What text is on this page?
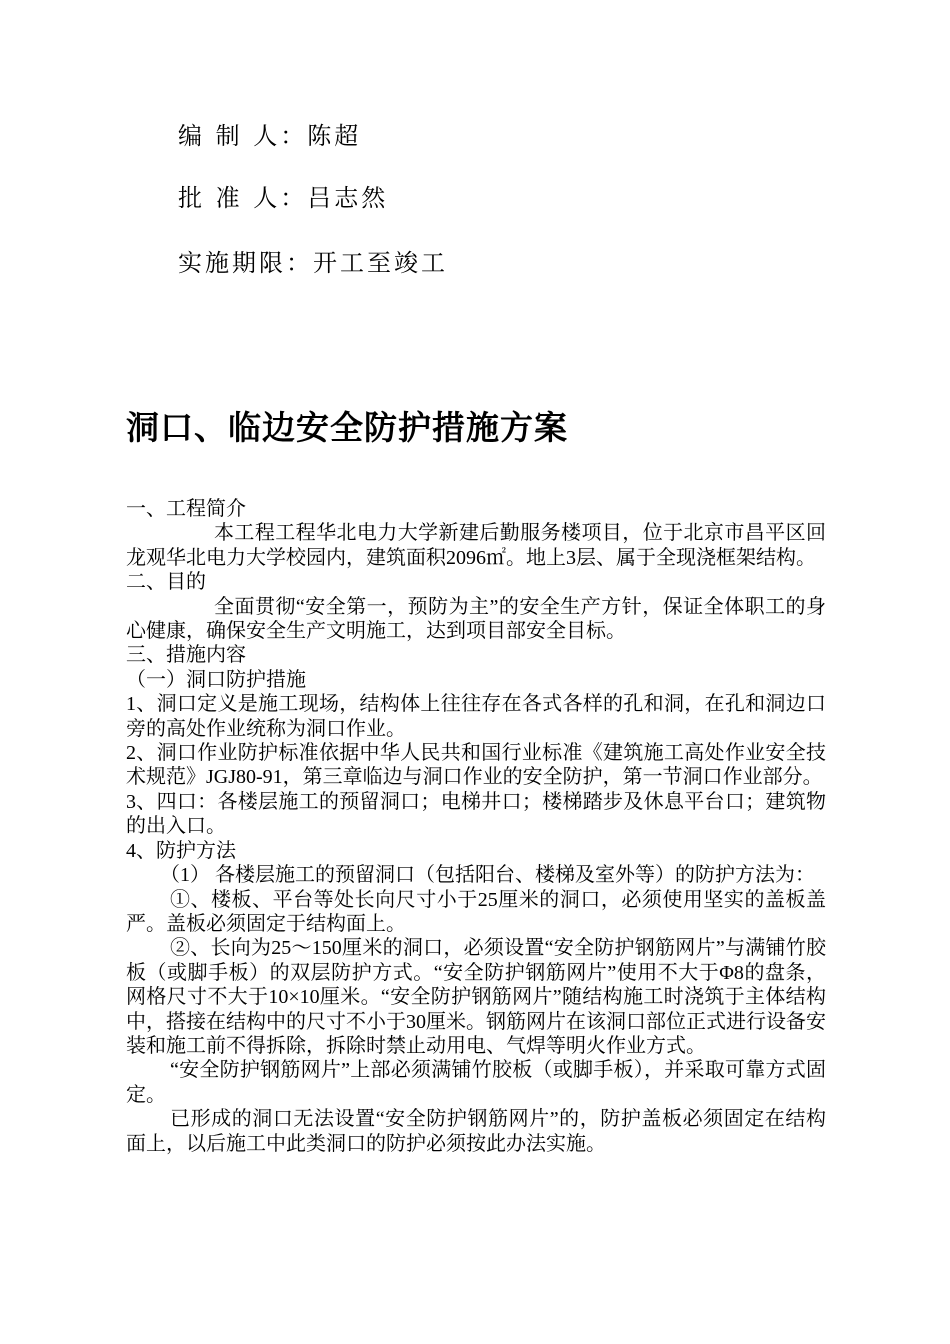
编 制 人：陈超
批 准 人：吕志然
实施期限：开工至竣工
洞口、临边安全防护措施方案

一、工程简介

本工程工程华北电力大学新建后勤服务楼项目，位于北京市昌平区回龙观华北电力大学校园内，建筑面积2096㎡。地上3层、属于全现浇框架结构。

二、目的

全面贯彻“安全第一，预防为主”的安全生产方针，保证全体职工的身心健康，确保安全生产文明施工，达到项目部安全目标。

三、措施内容

（一）洞口防护措施

1、洞口定义是施工现场，结构体上往往存在各式各样的孔和洞，在孔和洞边口旁的高处作业统称为洞口作业。

2、洞口作业防护标准依据中华人民共和国行业标准《建筑施工高处作业安全技术规范》JGJ80-91，第三章临边与洞口作业的安全防护，第一节洞口作业部分。

3、四口：各楼层施工的预留洞口；电梯井口；楼梯踏步及休息平台口；建筑物的出入口。

4、防护方法

（1） 各楼层施工的预留洞口（包括阳台、楼梯及室外等）的防护方法为：

①、楼板、平台等处长向尺寸小于25厘米的洞口，必须使用坚实的盖板盖严。盖板必须固定于结构面上。

②、长向为25～150厘米的洞口，必须设置“安全防护钢筋网片”与满铺竹胶板（或脚手板）的双层防护方式。“安全防护钢筋网片”使用不大于Φ8的盘条，网格尺寸不大于10×10厘米。“安全防护钢筋网片”随结构施工时浇筑于主体结构中，搭接在结构中的尺寸不小于30厘米。钢筋网片在该洞口部位正式进行设备安装和施工前不得拆除，拆除时禁止动用电、气焊等明火作业方式。

“安全防护钢筋网片”上部必须满铺竹胶板（或脚手板），并采取可靠方式固定。

已形成的洞口无法设置“安全防护钢筋网片”的，防护盖板必须固定在结构面上，以后施工中此类洞口的防护必须按此办法实施。
